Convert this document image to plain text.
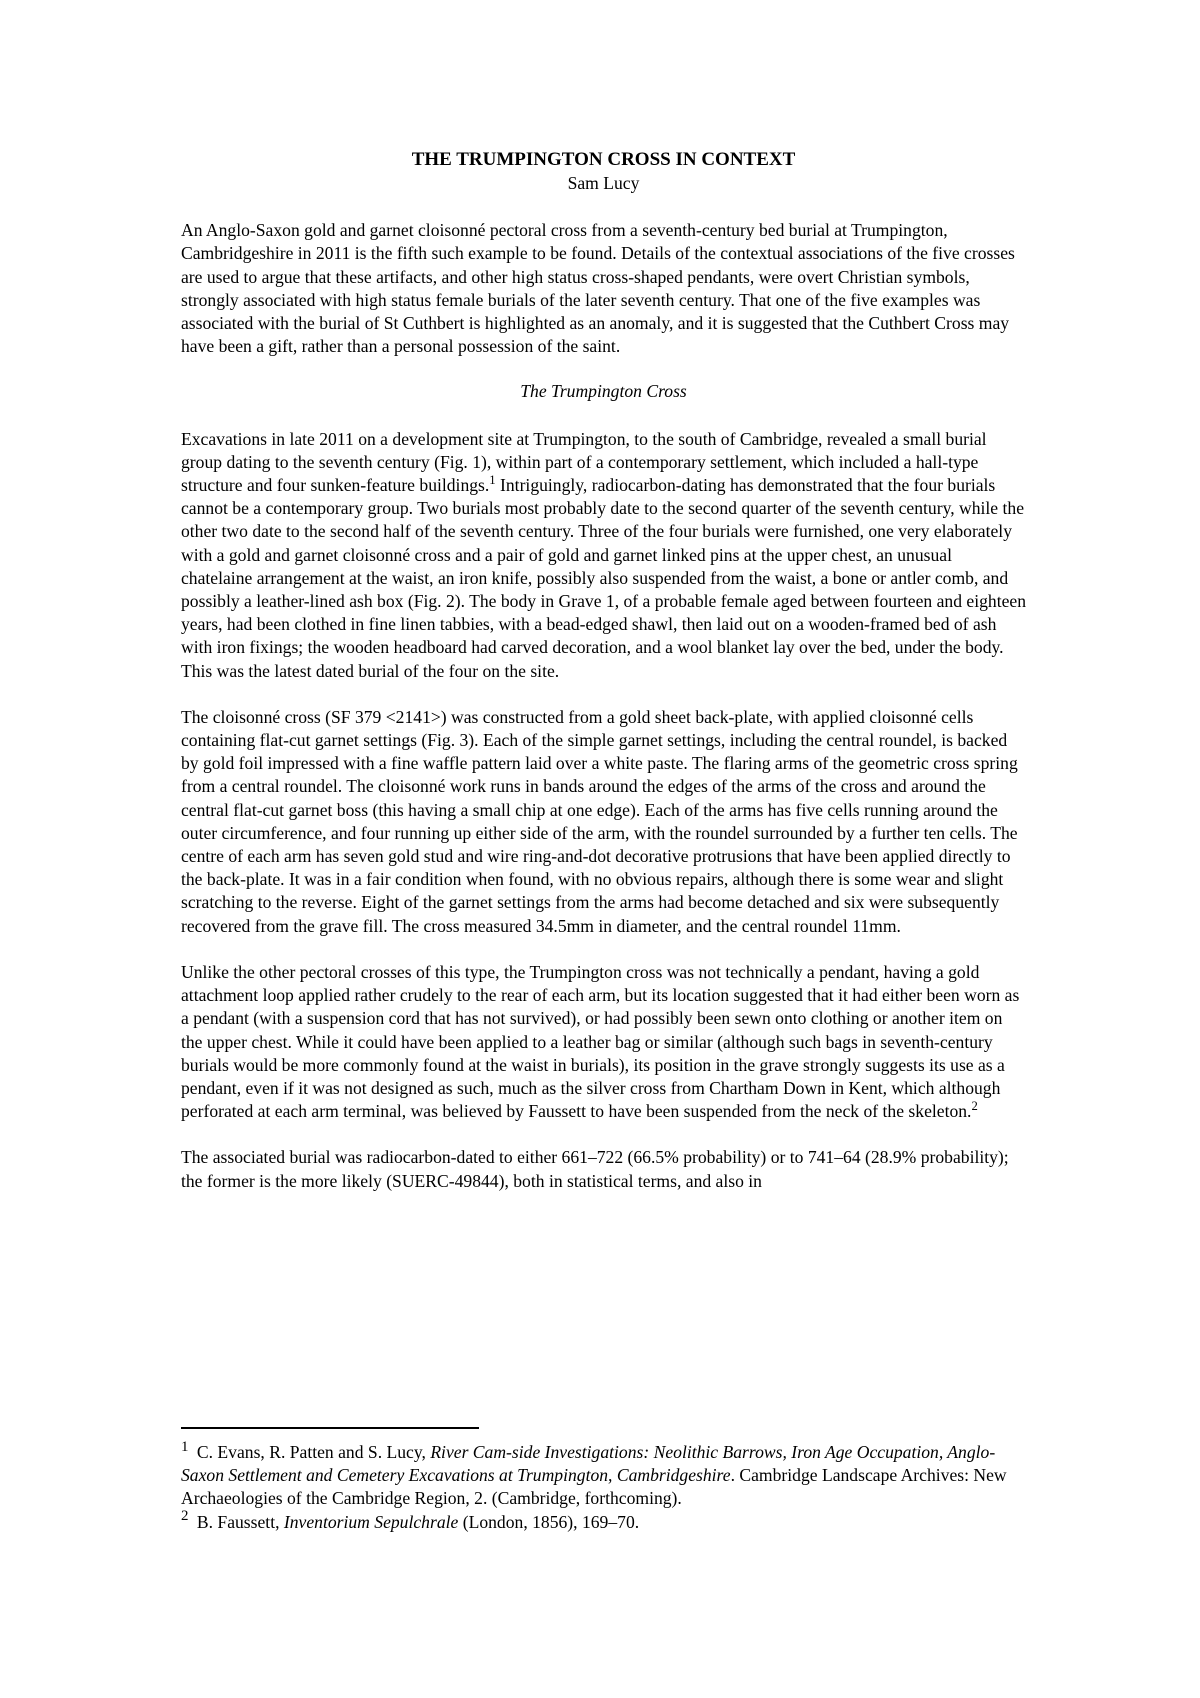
THE TRUMPINGTON CROSS IN CONTEXT

Sam Lucy

An Anglo-Saxon gold and garnet cloisonné pectoral cross from a seventh-century bed burial at Trumpington, Cambridgeshire in 2011 is the fifth such example to be found. Details of the contextual associations of the five crosses are used to argue that these artifacts, and other high status cross-shaped pendants, were overt Christian symbols, strongly associated with high status female burials of the later seventh century. That one of the five examples was associated with the burial of St Cuthbert is highlighted as an anomaly, and it is suggested that the Cuthbert Cross may have been a gift, rather than a personal possession of the saint.

The Trumpington Cross

Excavations in late 2011 on a development site at Trumpington, to the south of Cambridge, revealed a small burial group dating to the seventh century (Fig. 1), within part of a contemporary settlement, which included a hall-type structure and four sunken-feature buildings.$^1$ Intriguingly, radiocarbon-dating has demonstrated that the four burials cannot be a contemporary group. Two burials most probably date to the second quarter of the seventh century, while the other two date to the second half of the seventh century. Three of the four burials were furnished, one very elaborately with a gold and garnet cloisonné cross and a pair of gold and garnet linked pins at the upper chest, an unusual chatelaine arrangement at the waist, an iron knife, possibly also suspended from the waist, a bone or antler comb, and possibly a leather-lined ash box (Fig. 2). The body in Grave 1, of a probable female aged between fourteen and eighteen years, had been clothed in fine linen tabbies, with a bead-edged shawl, then laid out on a wooden-framed bed of ash with iron fixings; the wooden headboard had carved decoration, and a wool blanket lay over the bed, under the body. This was the latest dated burial of the four on the site.

The cloisonné cross (SF 379 <2141>) was constructed from a gold sheet back-plate, with applied cloisonné cells containing flat-cut garnet settings (Fig. 3). Each of the simple garnet settings, including the central roundel, is backed by gold foil impressed with a fine waffle pattern laid over a white paste. The flaring arms of the geometric cross spring from a central roundel. The cloisonné work runs in bands around the edges of the arms of the cross and around the central flat-cut garnet boss (this having a small chip at one edge). Each of the arms has five cells running around the outer circumference, and four running up either side of the arm, with the roundel surrounded by a further ten cells. The centre of each arm has seven gold stud and wire ring-and-dot decorative protrusions that have been applied directly to the back-plate. It was in a fair condition when found, with no obvious repairs, although there is some wear and slight scratching to the reverse. Eight of the garnet settings from the arms had become detached and six were subsequently recovered from the grave fill. The cross measured 34.5mm in diameter, and the central roundel 11mm.

Unlike the other pectoral crosses of this type, the Trumpington cross was not technically a pendant, having a gold attachment loop applied rather crudely to the rear of each arm, but its location suggested that it had either been worn as a pendant (with a suspension cord that has not survived), or had possibly been sewn onto clothing or another item on the upper chest. While it could have been applied to a leather bag or similar (although such bags in seventh-century burials would be more commonly found at the waist in burials), its position in the grave strongly suggests its use as a pendant, even if it was not designed as such, much as the silver cross from Chartham Down in Kent, which although perforated at each arm terminal, was believed by Faussett to have been suspended from the neck of the skeleton.$^2$

The associated burial was radiocarbon-dated to either 661–722 (66.5% probability) or to 741–64 (28.9% probability); the former is the more likely (SUERC-49844), both in statistical terms, and also in

$^1$ C. Evans, R. Patten and S. Lucy, River Cam-side Investigations: Neolithic Barrows, Iron Age Occupation, Anglo-Saxon Settlement and Cemetery Excavations at Trumpington, Cambridgeshire. Cambridge Landscape Archives: New Archaeologies of the Cambridge Region, 2. (Cambridge, forthcoming).

$^2$ B. Faussett, Inventorium Sepulchrale (London, 1856), 169–70.
